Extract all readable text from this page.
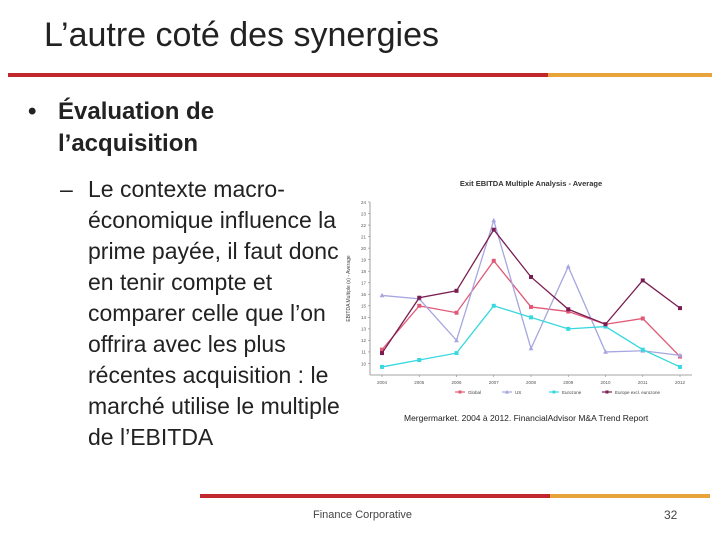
L’autre coté des synergies
• Évaluation de l’acquisition
– Le contexte macro-économique influence la prime payée, il faut donc en tenir compte et comparer celle que l’on offrira avec les plus récentes acquisition : le marché utilise le multiple de l’EBITDA
Exit EBITDA Multiple Analysis - Average
EBITDA Multiple (x) - Average
10
11
12
13
14
15
16
17
18
19
20
21
22
23
24
2004	2005	2006	2007	2008	2009	2010	2011	2012
Global	US	Eurozone	Europe excl. eurozone
Mergermarket. 2004 à 2012. FinancialAdvisor M&A Trend Report
Finance Corporative	32
